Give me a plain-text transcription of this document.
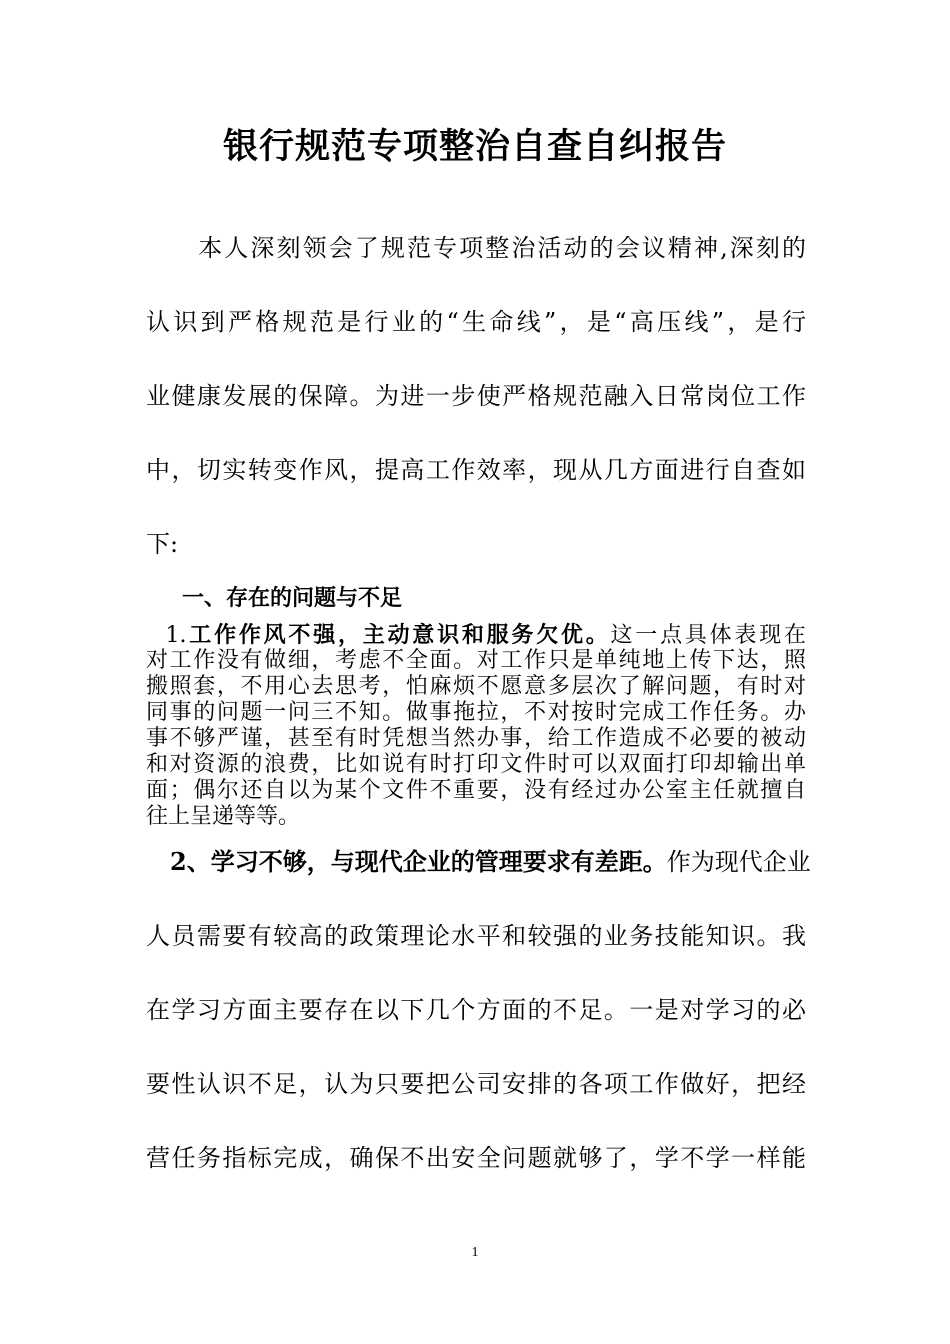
银行规范专项整治自查自纠报告
　　本人深刻领会了规范专项整治活动的会议精神,深刻的
认识到严格规范是行业的“生命线”，是“高压线”，是行
业健康发展的保障。为进一步使严格规范融入日常岗位工作
中，切实转变作风，提高工作效率，现从几方面进行自查如
下:
一、存在的问题与不足
1.工作作风不强，主动意识和服务欠优。这一点具体表现在
对工作没有做细，考虑不全面。对工作只是单纯地上传下达，照
搬照套，不用心去思考，怕麻烦不愿意多层次了解问题，有时对
同事的问题一问三不知。做事拖拉，不对按时完成工作任务。办
事不够严谨，甚至有时凭想当然办事，给工作造成不必要的被动
和对资源的浪费，比如说有时打印文件时可以双面打印却输出单
面；偶尔还自以为某个文件不重要，没有经过办公室主任就擅自
往上呈递等等。
　2、学习不够，与现代企业的管理要求有差距。作为现代企业
人员需要有较高的政策理论水平和较强的业务技能知识。我
在学习方面主要存在以下几个方面的不足。一是对学习的必
要性认识不足，认为只要把公司安排的各项工作做好，把经
营任务指标完成，确保不出安全问题就够了，学不学一样能
1
